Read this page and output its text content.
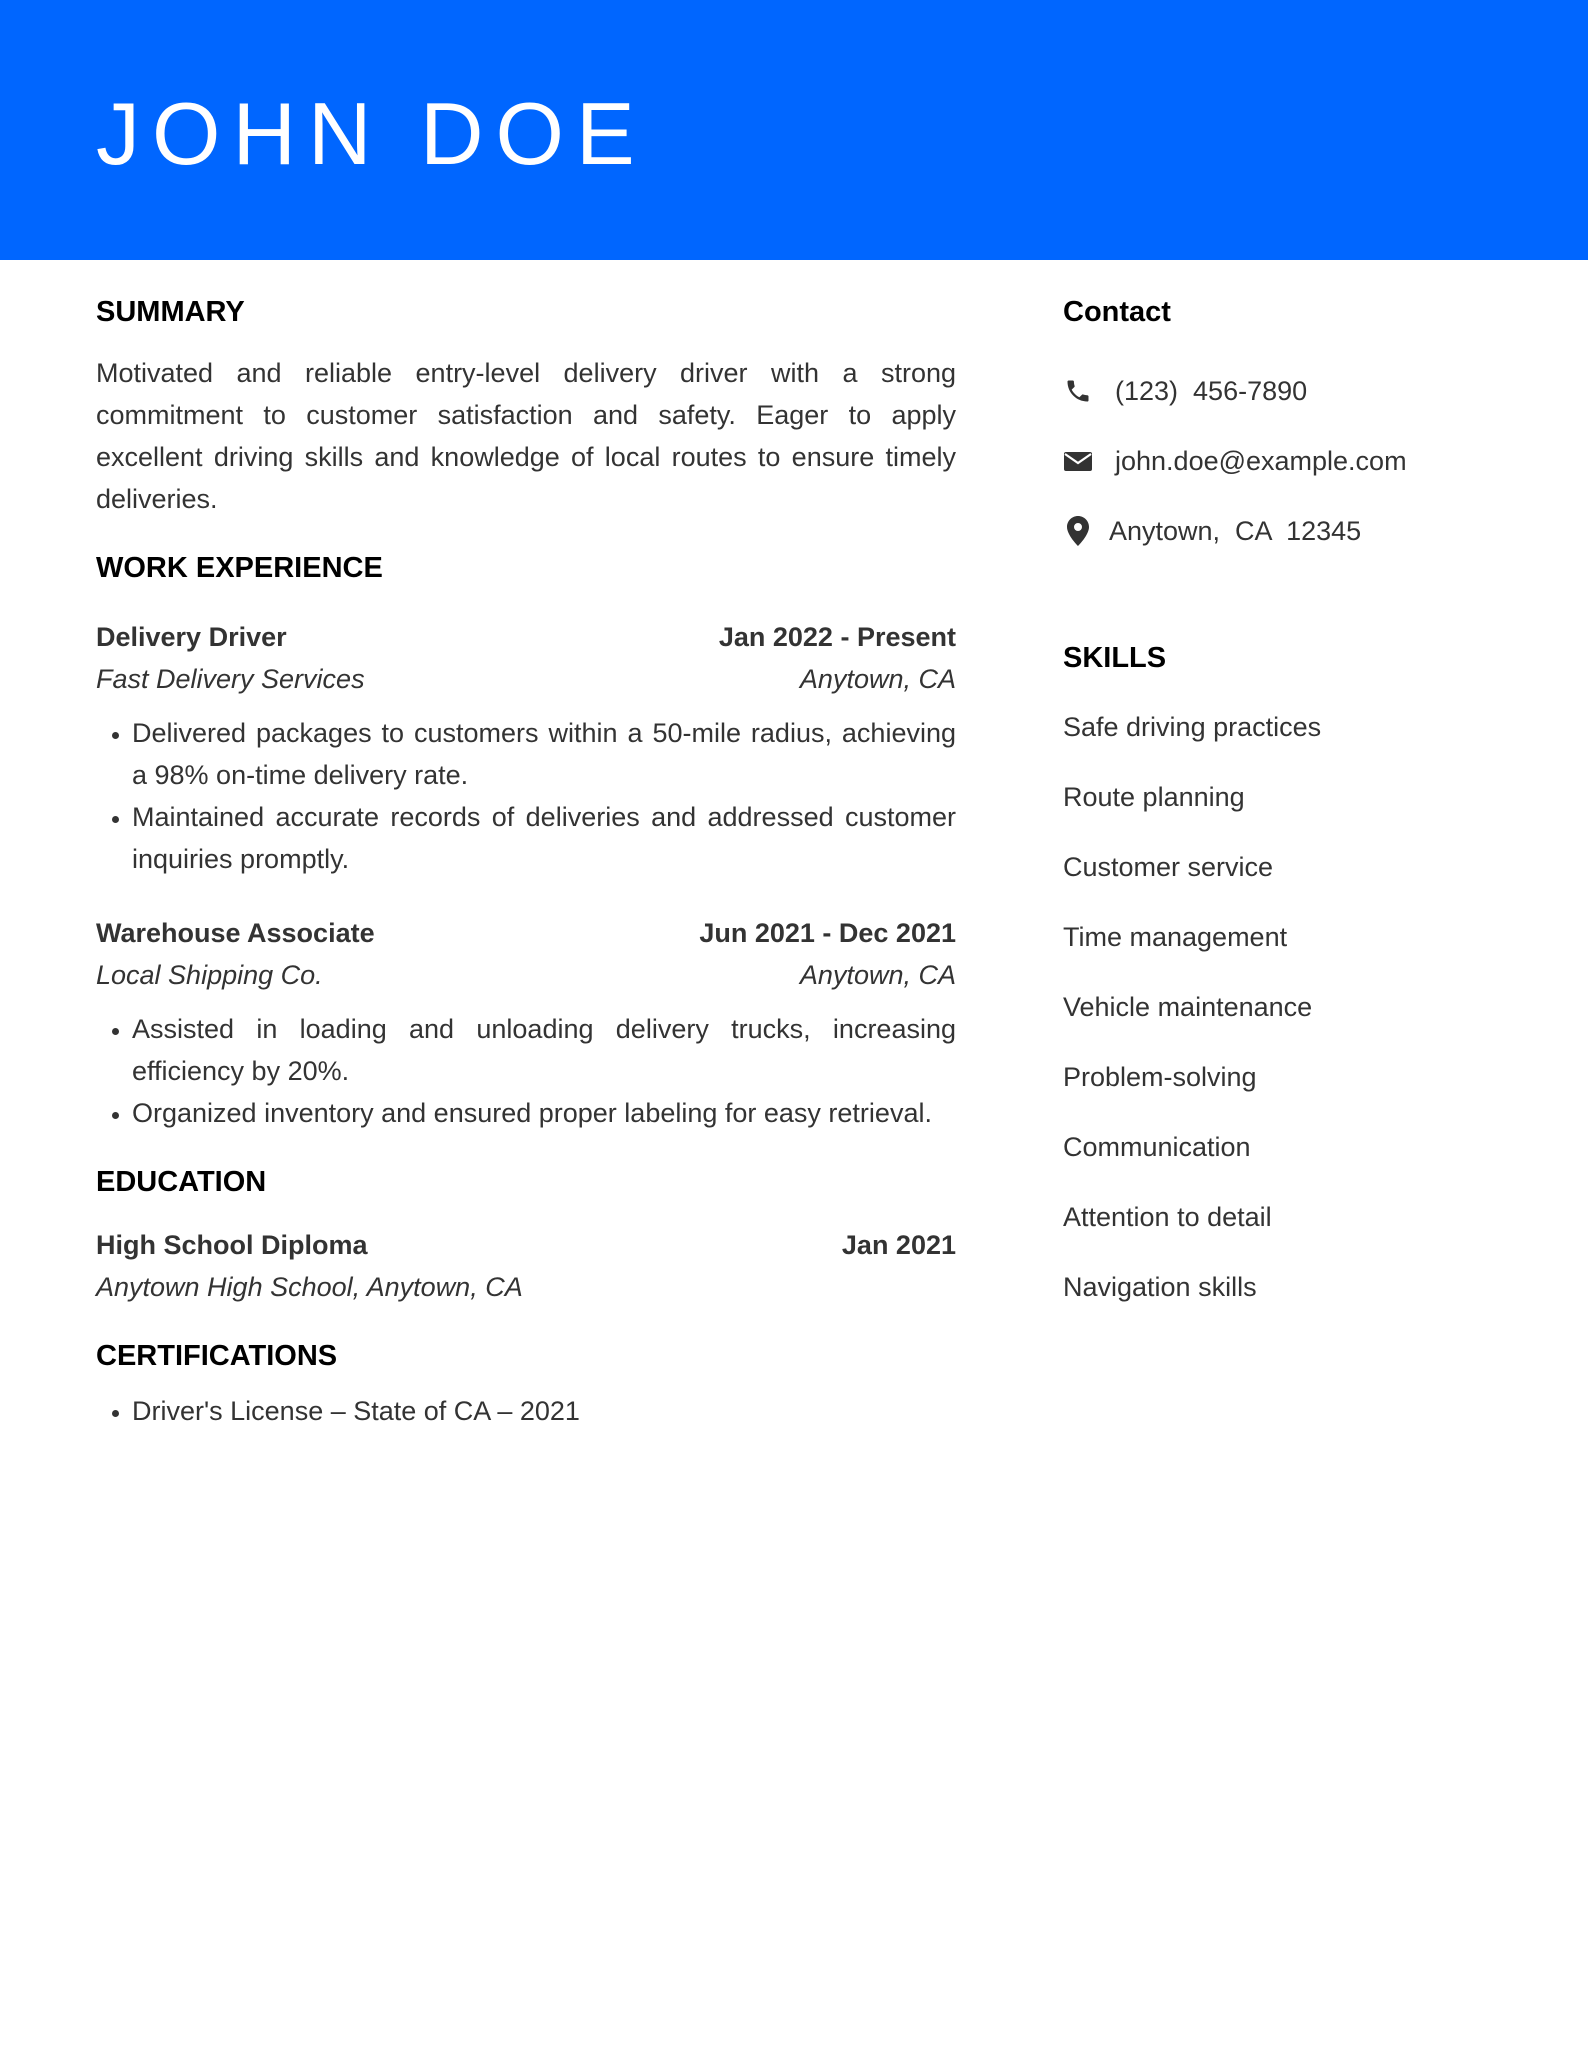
JOHN DOE
SUMMARY

Motivated and reliable entry-level delivery driver with a strong commitment to customer satisfaction and safety. Eager to apply excellent driving skills and knowledge of local routes to ensure timely deliveries.

WORK EXPERIENCE
Delivery Driver	Jan 2022 - Present
Fast Delivery Services	Anytown, CA
• Delivered packages to customers within a 50-mile radius, achieving a 98% on-time delivery rate.
• Maintained accurate records of deliveries and addressed customer inquiries promptly.
Warehouse Associate	Jun 2021 - Dec 2021
Local Shipping Co.	Anytown, CA
• Assisted in loading and unloading delivery trucks, increasing efficiency by 20%.
• Organized inventory and ensured proper labeling for easy retrieval.
EDUCATION
High School Diploma	Jan 2021
Anytown High School, Anytown, CA
CERTIFICATIONS
• Driver's License – State of CA – 2021
Contact
(123)  456-7890
john.doe@example.com
Anytown,  CA  12345
SKILLS
Safe driving practices
Route planning
Customer service
Time management
Vehicle maintenance
Problem-solving
Communication
Attention to detail
Navigation skills
